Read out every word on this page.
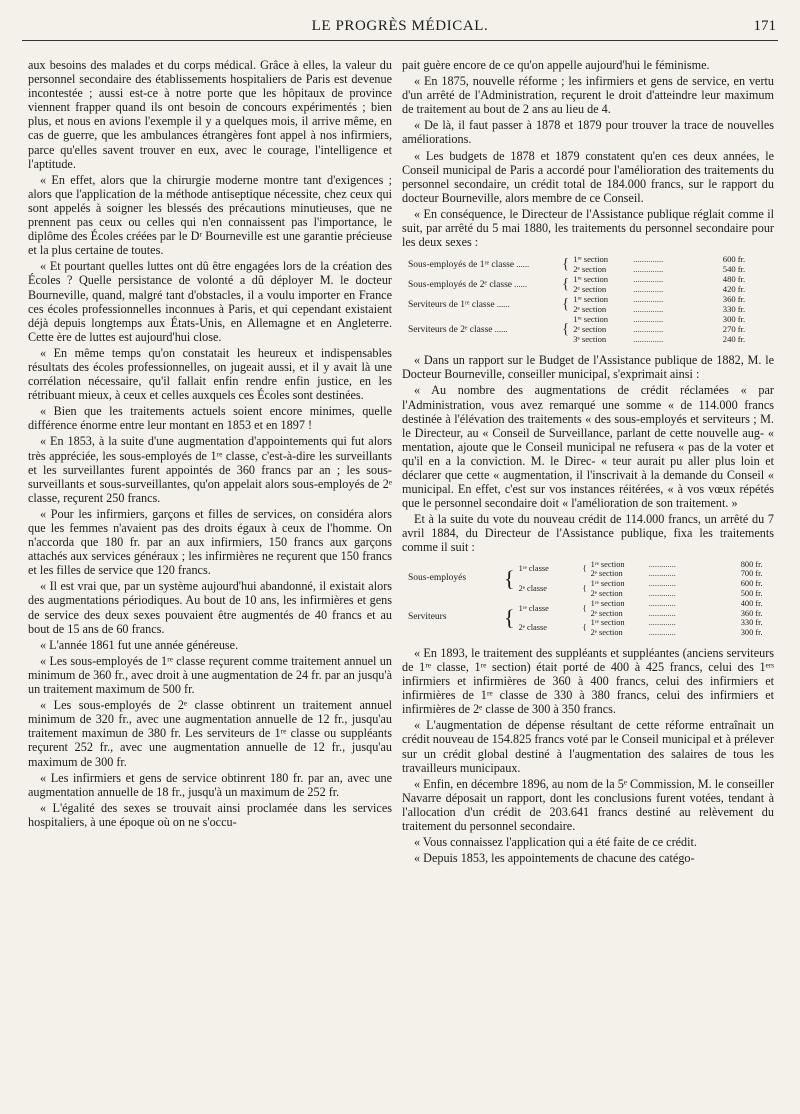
LE PROGRÈS MÉDICAL.	171

aux besoins des malades et du corps médical. Grâce à elles, la valeur du personnel secondaire des établissements hospitaliers de Paris est devenue incontestée ; aussi est-ce à notre porte que les hôpitaux de province viennent frapper quand ils ont besoin de concours expérimentés ; bien plus, et nous en avions l'exemple il y a quelques mois, il arrive même, en cas de guerre, que les ambulances étrangères font appel à nos infirmiers, parce qu'elles savent trouver en eux, avec le courage, l'intelligence et l'aptitude.

« En effet, alors que la chirurgie moderne montre tant d'exigences ; alors que l'application de la méthode antiseptique nécessite, chez ceux qui sont appelés à soigner les blessés des précautions minutieuses, que ne prennent pas ceux ou celles qui n'en connaissent pas l'importance, le diplôme des Écoles créées par le Dʳ Bourneville est une garantie précieuse et la plus certaine de toutes.

« Et pourtant quelles luttes ont dû être engagées lors de la création des Écoles ? Quelle persistance de volonté a dû déployer M. le docteur Bourneville, quand, malgré tant d'obstacles, il a voulu importer en France ces écoles professionnelles inconnues à Paris, et qui cependant existaient déjà depuis longtemps aux États-Unis, en Allemagne et en Angleterre. Cette ère de luttes est aujourd'hui close.

« En même temps qu'on constatait les heureux et indispensables résultats des écoles professionnelles, on jugeait aussi, et il y avait là une corrélation nécessaire, qu'il fallait enfin rendre enfin justice, en les rétribuant mieux, à ceux et celles auxquels ces Écoles sont destinées.

« Bien que les traitements actuels soient encore minimes, quelle différence énorme entre leur montant en 1853 et en 1897 !

« En 1853, à la suite d'une augmentation d'appointements qui fut alors très appréciée, les sous-employés de 1ʳᵉ classe, c'est-à-dire les surveillants et les surveillantes furent appointés de 360 francs par an ; les sous-surveillants et sous-surveillantes, qu'on appelait alors sous-employés de 2ᵉ classe, reçurent 250 francs.

« Pour les infirmiers, garçons et filles de services, on considéra alors que les femmes n'avaient pas des droits égaux à ceux de l'homme. On n'accorda que 180 fr. par an aux infirmiers, 150 francs aux garçons attachés aux services généraux ; les infirmières ne reçurent que 150 francs et les filles de service que 120 francs.

« Il est vrai que, par un système aujourd'hui abandonné, il existait alors des augmentations périodiques. Au bout de 10 ans, les infirmières et gens de service des deux sexes pouvaient être augmentés de 40 francs et au bout de 15 ans de 60 francs.

« L'année 1861 fut une année généreuse.

« Les sous-employés de 1ʳᵉ classe reçurent comme traitement annuel un minimum de 360 fr., avec droit à une augmentation de 24 fr. par an jusqu'à un traitement maximum de 500 fr.

« Les sous-employés de 2ᵉ classe obtinrent un traitement annuel minimum de 320 fr., avec une augmentation annuelle de 12 fr., jusqu'au traitement maximun de 380 fr. Les serviteurs de 1ʳᵉ classe ou suppléants reçurent 252 fr., avec une augmentation annuelle de 12 fr., jusqu'au maximum de 300 fr.

« Les infirmiers et gens de service obtinrent 180 fr. par an, avec une augmentation annuelle de 18 fr., jusqu'à un maximum de 252 fr.

« L'égalité des sexes se trouvait ainsi proclamée dans les services hospitaliers, à une époque où on ne s'occu-

pait guère encore de ce qu'on appelle aujourd'hui le féminisme.

« En 1875, nouvelle réforme ; les infirmiers et gens de service, en vertu d'un arrêté de l'Administration, reçurent le droit d'atteindre leur maximum de traitement au bout de 2 ans au lieu de 4.

« De là, il faut passer à 1878 et 1879 pour trouver la trace de nouvelles améliorations.

« Les budgets de 1878 et 1879 constatent qu'en ces deux années, le Conseil municipal de Paris a accordé pour l'amélioration des traitements du personnel secondaire, un crédit total de 184.000 francs, sur le rapport du docteur Bourneville, alors membre de ce Conseil.

« En conséquence, le Directeur de l'Assistance publique réglait comme il suit, par arrêté du 5 mai 1880, les traitements du personnel secondaire pour les deux sexes :

Sous-employés de 1ʳᵉ classe ......	{	1ʳᵉ section	..............	600 fr.
		2ᵉ section	..............	540 fr.
Sous-employés de 2ᵉ classe ......	{	1ʳᵉ section	..............	480 fr.
		2ᵉ section	..............	420 fr.
Serviteurs de 1ʳᵉ classe ......	{	1ʳᵉ section	..............	360 fr.
		2ᵉ section	..............	330 fr.
Serviteurs de 2ᵉ classe ......	{	1ʳᵉ section	..............	300 fr.
		2ᵉ section	..............	270 fr.
		3ᵉ section	..............	240 fr.

« Dans un rapport sur le Budget de l'Assistance publique de 1882, M. le Docteur Bourneville, conseiller municipal, s'exprimait ainsi :

« Au nombre des augmentations de crédit réclamées « par l'Administration, vous avez remarqué une somme « de 114.000 francs destinée à l'élévation des traitements « des sous-employés et serviteurs ; M. le Directeur, au « Conseil de Surveillance, parlant de cette nouvelle aug- « mentation, ajoute que le Conseil municipal ne refusera « pas de la voter et qu'il en a la conviction. M. le Direc- « teur aurait pu aller plus loin et déclarer que cette « augmentation, il l'inscrivait à la demande du Conseil « municipal. En effet, c'est sur vos instances réitérées, « à vos vœux répétés que le personnel secondaire doit « l'amélioration de son traitement. »

Et à la suite du vote du nouveau crédit de 114.000 francs, un arrêté du 7 avril 1884, du Directeur de l'Assistance publique, fixa les traitements comme il suit :

Sous-employés	{	1ʳᵉ classe	{	1ʳᵉ section	.............	800 fr.
				2ᵉ section	.............	700 fr.
		2ᵉ classe	{	1ʳᵉ section	.............	600 fr.
				2ᵉ section	.............	500 fr.
Serviteurs	{	1ʳᵉ classe	{	1ʳᵉ section	.............	400 fr.
				2ᵉ section	.............	360 fr.
		2ᵉ classe	{	1ʳᵉ section	.............	330 fr.
				2ᵉ section	.............	300 fr.

« En 1893, le traitement des suppléants et suppléantes (anciens serviteurs de 1ʳᵉ classe, 1ʳᵉ section) était porté de 400 à 425 francs, celui des 1ᵉʳˢ infirmiers et infirmières de 360 à 400 francs, celui des infirmiers et infirmières de 1ʳᵉ classe de 330 à 380 francs, celui des infirmiers et infirmières de 2ᵉ classe de 300 à 350 francs.

« L'augmentation de dépense résultant de cette réforme entraînait un crédit nouveau de 154.825 francs voté par le Conseil municipal et à prélever sur un crédit global destiné à l'augmentation des salaires de tous les travailleurs municipaux.

« Enfin, en décembre 1896, au nom de la 5ᵉ Commission, M. le conseiller Navarre déposait un rapport, dont les conclusions furent votées, tendant à l'allocation d'un crédit de 203.641 francs destiné au relèvement du traitement du personnel secondaire.

« Vous connaissez l'application qui a été faite de ce crédit.

« Depuis 1853, les appointements de chacune des catégo-
